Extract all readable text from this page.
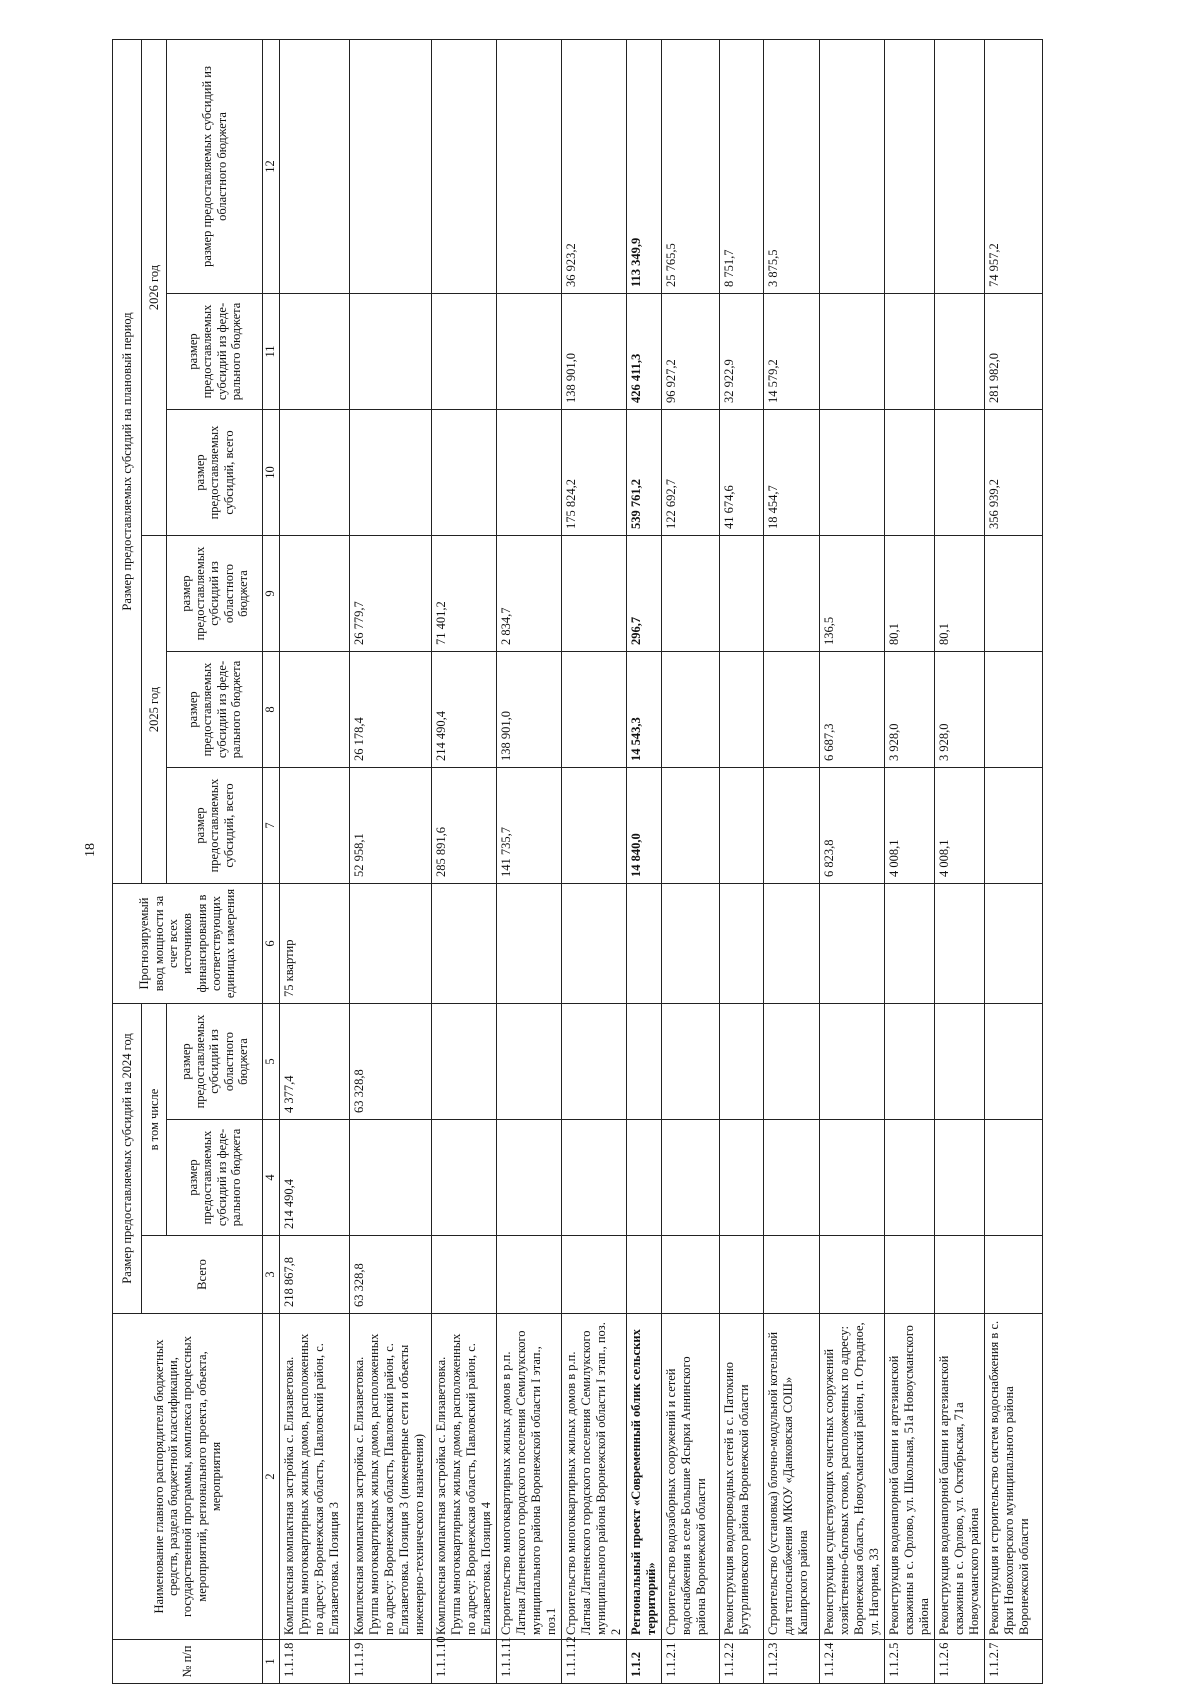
18
№ п/п	Наименование главного распорядителя бюджетных средств, раздела бюджетной классификации, государственной программы, комплекса процессных мероприятий, регионального проекта, объекта, мероприятия	Размер предоставляемых субсидий на 2024 год			Прогнозируемый ввод мощности за счет всех источников финансирования в соответствующих единицах измерения	Размер предоставляемых субсидий на плановый период					
		Всего	в том числе			2025 год			2026 год		
			размер предоставляемых субсидий из феде-рального бюджета	размер предоставляемых субсидий из областного бюджета							
						размер предоставляемых субсидий, всего	размер предоставляемых субсидий из феде-рального бюджета	размер предоставляемых субсидий из областного бюджета	размер предоставляемых субсидий, всего	размер предоставляемых субсидий из феде-рального бюджета	размер предоставляемых субсидий из областного бюджета
1	2	3	4	5	6	7	8	9	10	11	12
1.1.1.8	Комплексная компактная застройка с. Елизаветовка. Группа многоквартирных жилых домов, расположенных по адресу: Воронежская область, Павловский район, с. Елизаветовка. Позиция 3	218 867,8	214 490,4	4 377,4	75 квартир						
1.1.1.9	Комплексная компактная застройка с. Елизаветовка. Группа многоквартирных жилых домов, расположенных по адресу: Воронежская область, Павловский район, с. Елизаветовка. Позиция 3 (инженерные сети и объекты инженерно-технического назначения)	63 328,8		63 328,8		52 958,1	26 178,4	26 779,7			
1.1.1.10	Комплексная компактная застройка с. Елизаветовка. Группа многоквартирных жилых домов, расположенных по адресу: Воронежская область, Павловский район, с. Елизаветовка. Позиция 4					285 891,6	214 490,4	71 401,2			
1.1.1.11	Строительство многоквартирных жилых домов в р.п. Латная Латненского городского поселения Семилукского муниципального района Воронежской области I этап., поз.1					141 735,7	138 901,0	2 834,7			
1.1.1.12	Строительство многоквартирных жилых домов в р.п. Латная Латненского городского поселения Семилукского муниципального района Воронежской области I этап., поз. 2								175 824,2	138 901,0	36 923,2
1.1.2	Региональный проект «Современный облик сельских территорий»					14 840,0	14 543,3	296,7	539 761,2	426 411,3	113 349,9
1.1.2.1	Строительство водозаборных сооружений и сетей водоснабжения в селе Большие Ясырки Аннинского района Воронежской области								122 692,7	96 927,2	25 765,5
1.1.2.2	Реконструкция водопроводных сетей в с. Патокино Бутурлиновского района Воронежской области								41 674,6	32 922,9	8 751,7
1.1.2.3	Строительство (установка) блочно-модульной котельной для теплоснабжения МКОУ «Данковская СОШ» Каширского района								18 454,7	14 579,2	3 875,5
1.1.2.4	Реконструкция существующих очистных сооружений хозяйственно-бытовых стоков, расположенных по адресу: Воронежская область, Новоусманский район, п. Отрадное, ул. Нагорная, 33					6 823,8	6 687,3	136,5			
1.1.2.5	Реконструкция водонапорной башни и артезианской скважины в с. Орлово, ул. Школьная, 51а Новоусманского района					4 008,1	3 928,0	80,1			
1.1.2.6	Реконструкция водонапорной башни и артезианской скважины в с. Орлово, ул. Октябрьская, 71а Новоусманского района					4 008,1	3 928,0	80,1			
1.1.2.7	Реконструкция и строительство систем водоснабжения в с. Ярки Новохоперского муниципального района Воронежской области								356 939,2	281 982,0	74 957,2
